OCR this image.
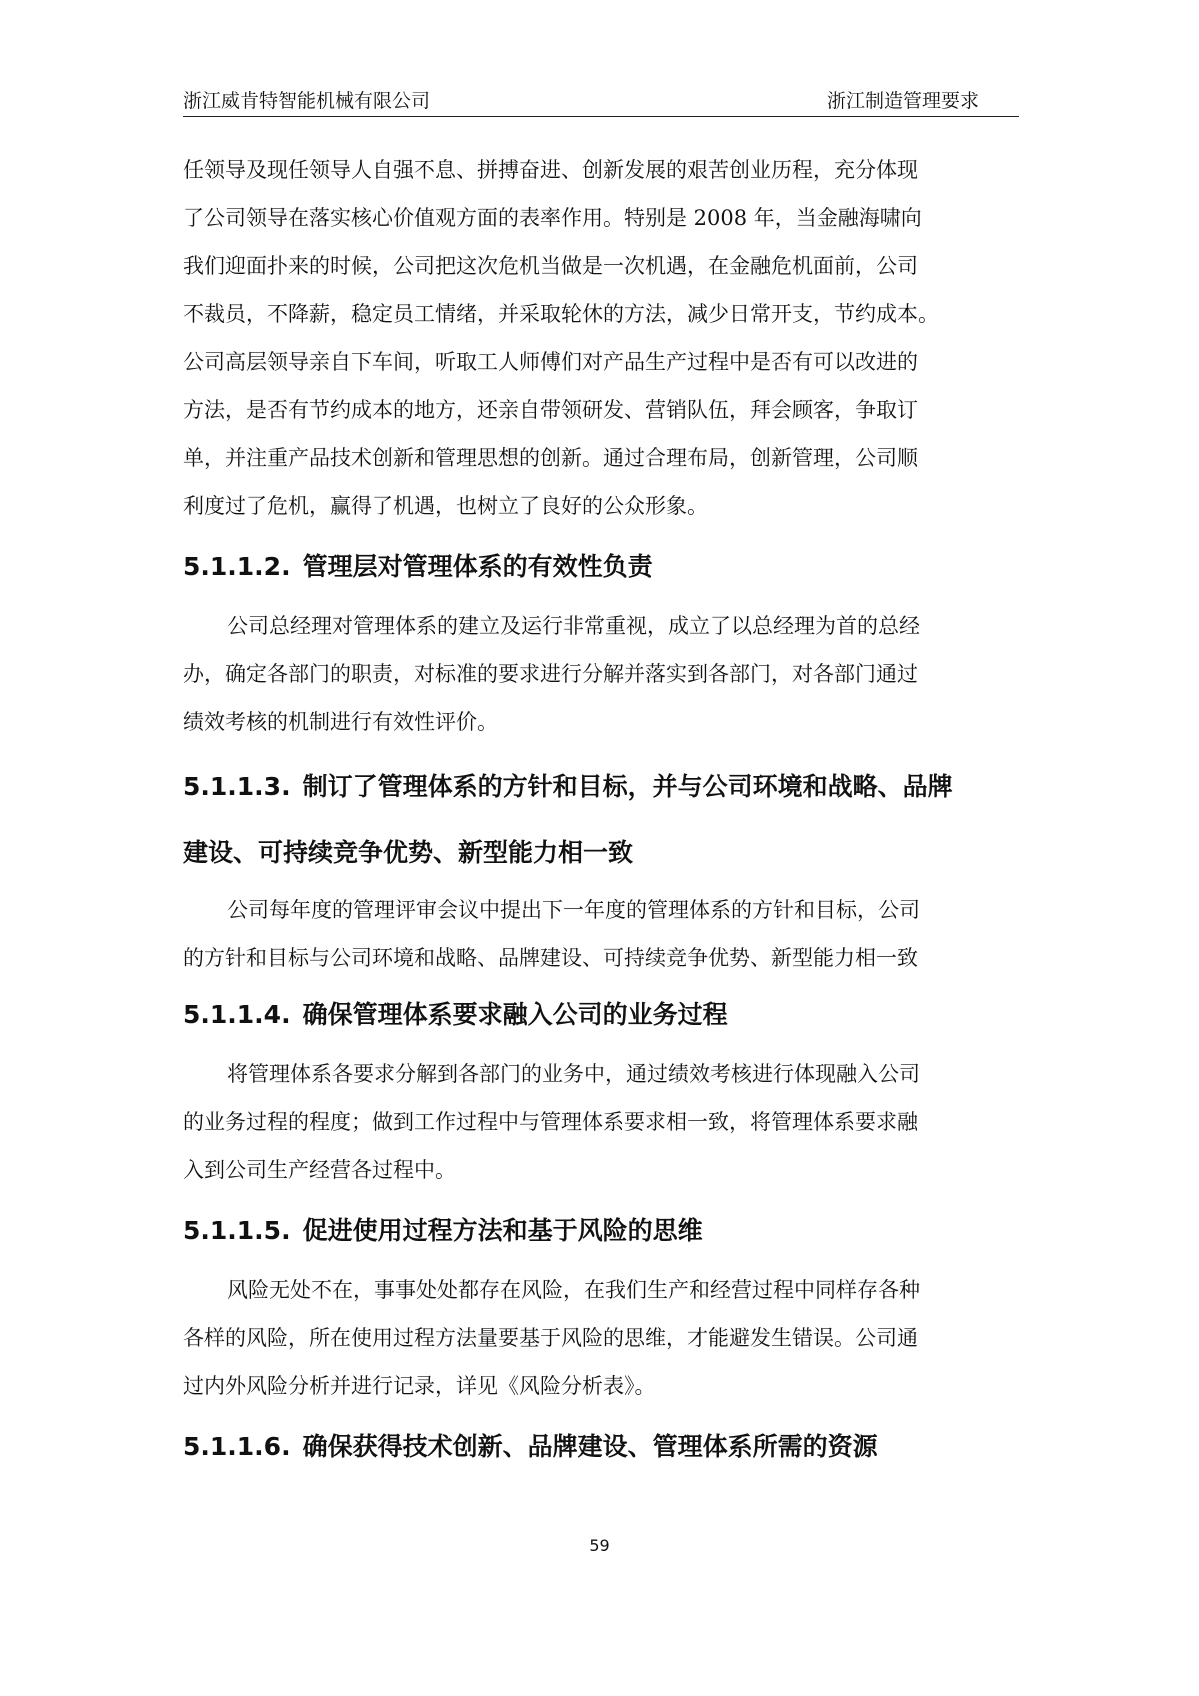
浙江威肯特智能机械有限公司	浙江制造管理要求

任领导及现任领导人自强不息、拼搏奋进、创新发展的艰苦创业历程，充分体现
了公司领导在落实核心价值观方面的表率作用。特别是 2008 年，当金融海啸向
我们迎面扑来的时候，公司把这次危机当做是一次机遇，在金融危机面前，公司
不裁员，不降薪，稳定员工情绪，并采取轮休的方法，减少日常开支，节约成本。
公司高层领导亲自下车间，听取工人师傅们对产品生产过程中是否有可以改进的
方法，是否有节约成本的地方，还亲自带领研发、营销队伍，拜会顾客，争取订
单，并注重产品技术创新和管理思想的创新。通过合理布局，创新管理，公司顺
利度过了危机，赢得了机遇，也树立了良好的公众形象。

5.1.1.2. 管理层对管理体系的有效性负责

公司总经理对管理体系的建立及运行非常重视，成立了以总经理为首的总经
办，确定各部门的职责，对标准的要求进行分解并落实到各部门，对各部门通过
绩效考核的机制进行有效性评价。

5.1.1.3. 制订了管理体系的方针和目标，并与公司环境和战略、品牌
建设、可持续竞争优势、新型能力相一致

公司每年度的管理评审会议中提出下一年度的管理体系的方针和目标，公司
的方针和目标与公司环境和战略、品牌建设、可持续竞争优势、新型能力相一致

5.1.1.4. 确保管理体系要求融入公司的业务过程

将管理体系各要求分解到各部门的业务中，通过绩效考核进行体现融入公司
的业务过程的程度；做到工作过程中与管理体系要求相一致，将管理体系要求融
入到公司生产经营各过程中。

5.1.1.5. 促进使用过程方法和基于风险的思维

风险无处不在，事事处处都存在风险，在我们生产和经营过程中同样存各种
各样的风险，所在使用过程方法量要基于风险的思维，才能避发生错误。公司通
过内外风险分析并进行记录，详见《风险分析表》。

5.1.1.6. 确保获得技术创新、品牌建设、管理体系所需的资源
59
